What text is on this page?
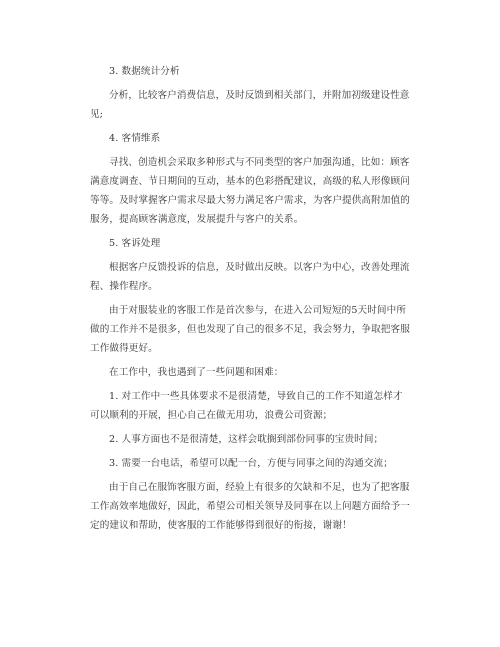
3. 数据统计分析

分析，比较客户消费信息，及时反馈到相关部门，并附加初级建设性意见;

4. 客情维系

寻找、创造机会采取多种形式与不同类型的客户加强沟通，比如：顾客满意度调查、节日期间的互动，基本的色彩搭配建议，高级的私人形像顾问等等。及时掌握客户需求尽最大努力满足客户需求，为客户提供高附加值的服务，提高顾客满意度，发展提升与客户的关系。

5. 客诉处理

根据客户反馈投诉的信息，及时做出反映。以客户为中心，改善处理流程、操作程序。

由于对服装业的客服工作是首次参与，在进入公司短短的5天时间中所做的工作并不是很多，但也发现了自己的很多不足，我会努力，争取把客服工作做得更好。

在工作中，我也遇到了一些问题和困难：

1. 对工作中一些具体要求不是很清楚，导致自己的工作不知道怎样才可以顺利的开展，担心自己在做无用功，浪费公司资源；

2. 人事方面也不是很清楚，这样会耽搁到部份同事的宝贵时间；

3. 需要一台电话，希望可以配一台，方便与同事之间的沟通交流；

由于自己在服饰客服方面，经验上有很多的欠缺和不足，也为了把客服工作高效率地做好，因此，希望公司相关领导及同事在以上问题方面给予一定的建议和帮助，使客服的工作能够得到很好的衔接，谢谢！
